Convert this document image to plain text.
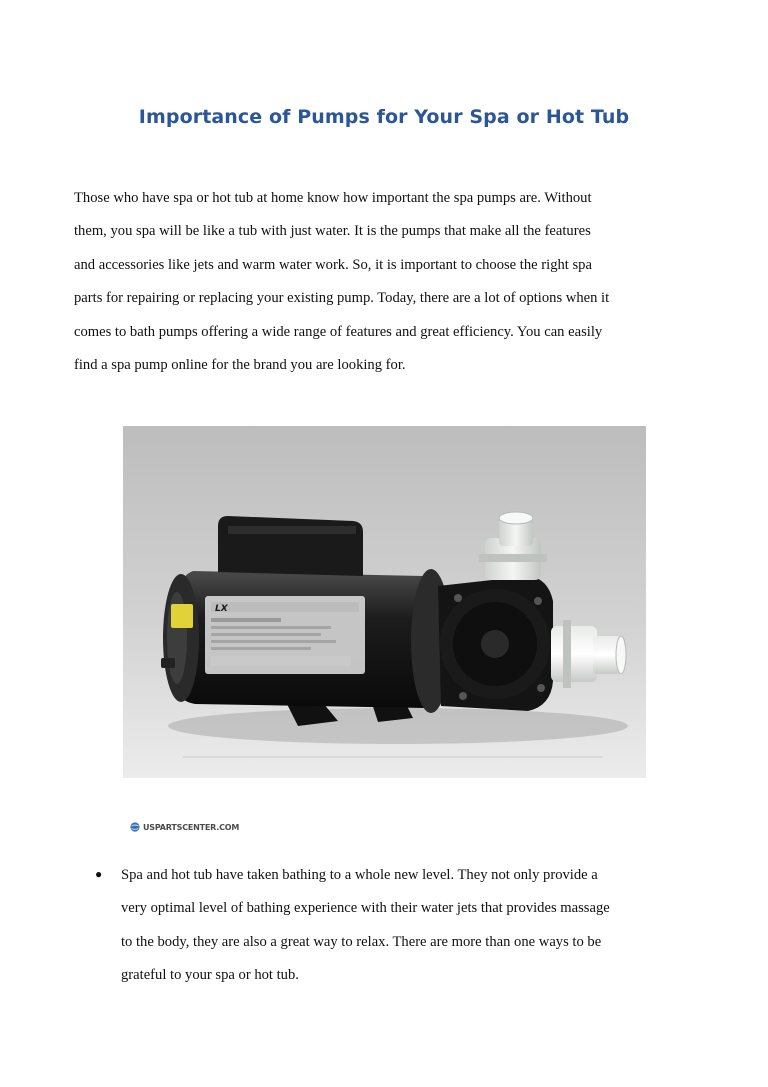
Importance of Pumps for Your Spa or Hot Tub
Those who have spa or hot tub at home know how important the spa pumps are. Without
them, you spa will be like a tub with just water. It is the pumps that make all the features
and accessories like jets and warm water work. So, it is important to choose the right spa
parts for repairing or replacing your existing pump. Today, there are a lot of options when it
comes to bath pumps offering a wide range of features and great efficiency. You can easily
find a spa pump online for the brand you are looking for.
LX
USPARTSCENTER.COM
●	Spa and hot tub have taken bathing to a whole new level. They not only provide a
very optimal level of bathing experience with their water jets that provides massage
to the body, they are also a great way to relax. There are more than one ways to be
grateful to your spa or hot tub.
